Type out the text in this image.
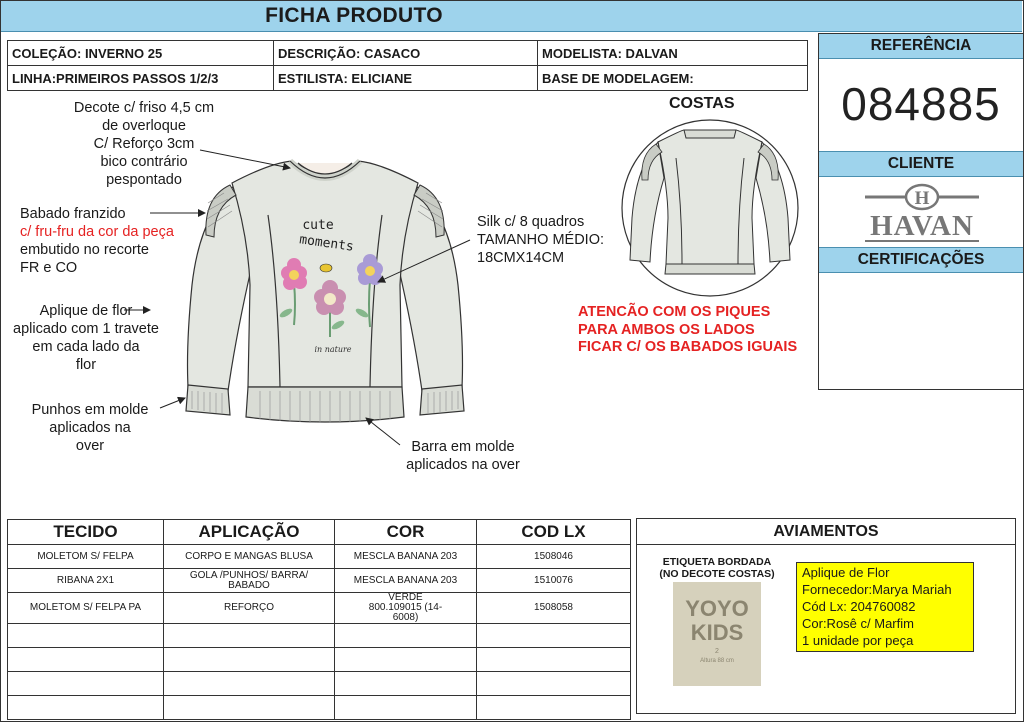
FICHA PRODUTO
COLEÇÃO: INVERNO 25	DESCRIÇÃO: CASACO	MODELISTA: DALVAN
LINHA:PRIMEIROS PASSOS 1/2/3	ESTILISTA: ELICIANE	BASE DE MODELAGEM:
REFERÊNCIA
084885
CLIENTE
H
HAVAN
CERTIFICAÇÕES
cute
moments
in nature
COSTAS
Decote c/ friso 4,5 cm
de overloque
C/ Reforço 3cm
bico contrário
pespontado
Babado franzido
c/ fru-fru da cor da peça
embutido no recorte
FR e CO
Aplique de flor
aplicado com 1 travete
em cada lado da
flor
Punhos em molde
aplicados na
over
Silk c/ 8 quadros
TAMANHO MÉDIO:
18CMX14CM
Barra em molde
aplicados na over
ATENCÃO COM OS PIQUES
PARA AMBOS OS LADOS
FICAR C/ OS BABADOS IGUAIS
TECIDO	APLICAÇÃO	COR	COD LX
MOLETOM S/ FELPA	CORPO E MANGAS BLUSA	MESCLA BANANA 203	1508046
RIBANA 2X1	GOLA /PUNHOS/ BARRA/ BABADO	MESCLA BANANA 203	1510076
MOLETOM S/ FELPA PA	REFORÇO	VERDE 800.109015 (14-6008)	1508058

AVIAMENTOS
ETIQUETA BORDADA
(NO DECOTE COSTAS)
YOYO
KIDS
2
Altura 88 cm
Aplique de Flor
Fornecedor:Marya Mariah
Cód Lx: 204760082
Cor:Rosê c/ Marfim
1 unidade por peça
